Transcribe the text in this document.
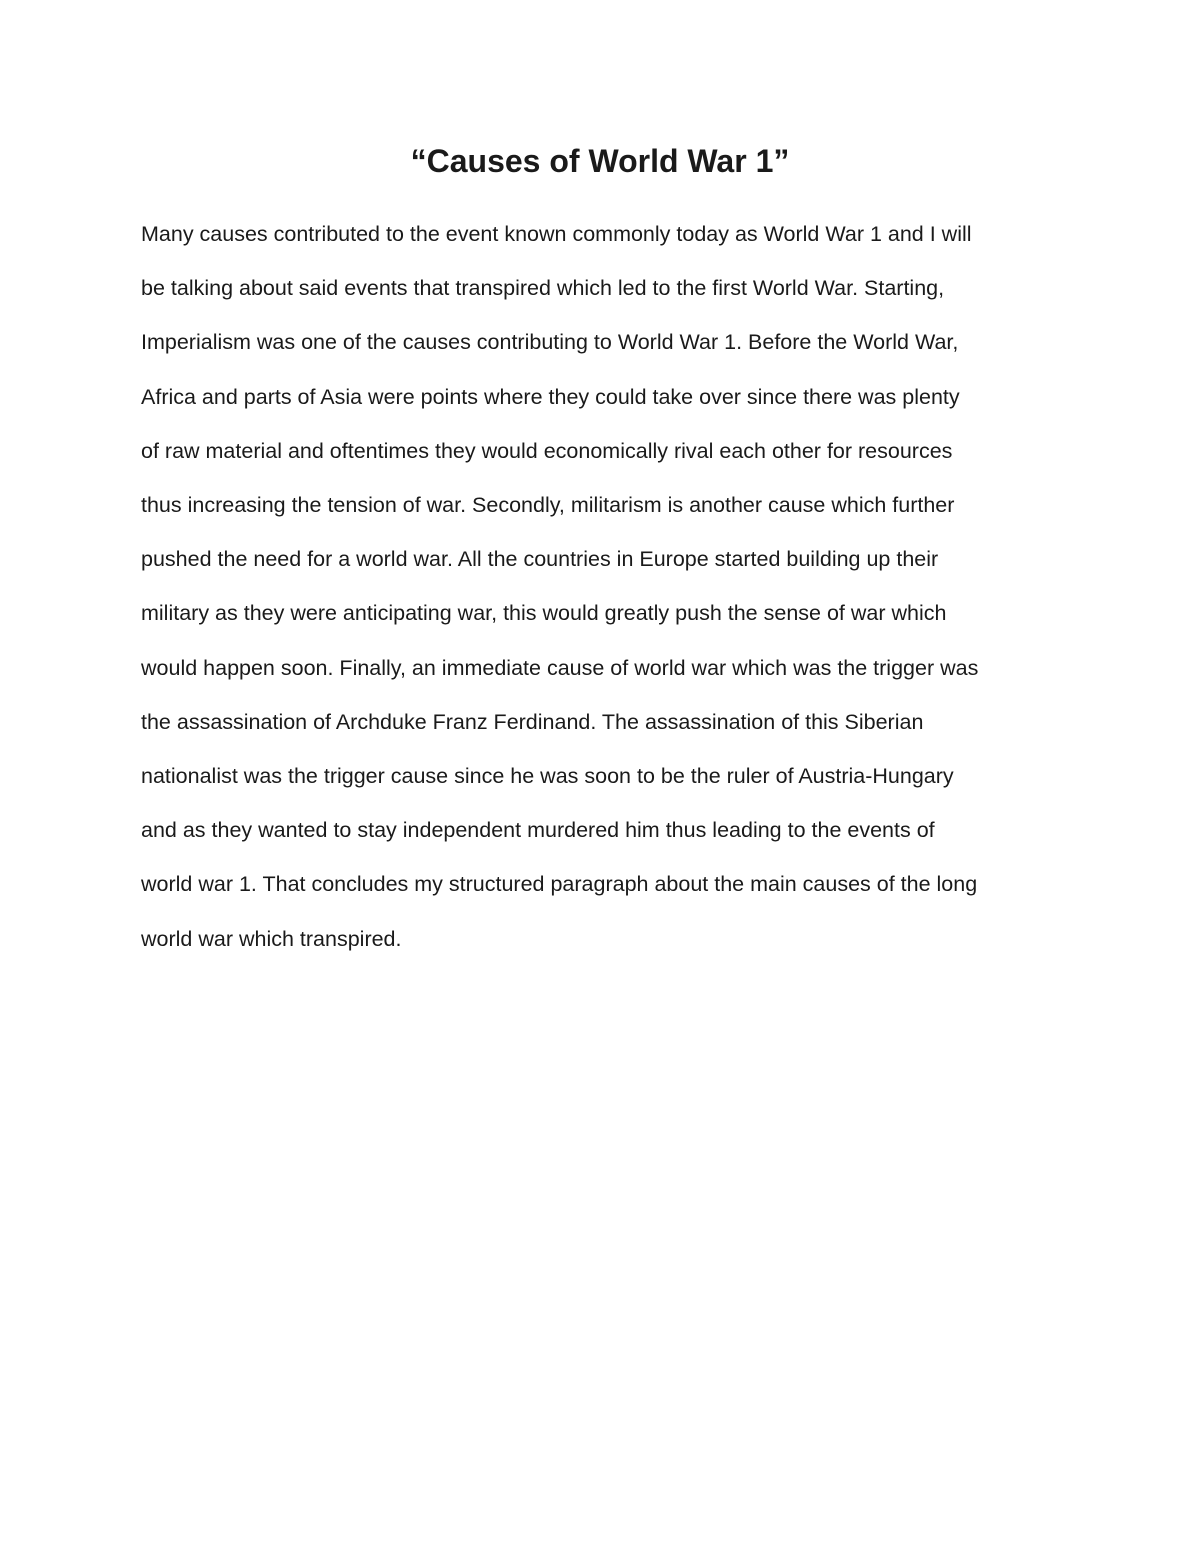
“Causes of World War 1”
Many causes contributed to the event known commonly today as World War 1 and I will
be talking about said events that transpired which led to the first World War. Starting,
Imperialism was one of the causes contributing to World War 1. Before the World War,
Africa and parts of Asia were points where they could take over since there was plenty
of raw material and oftentimes they would economically rival each other for resources
thus increasing the tension of war. Secondly, militarism is another cause which further
pushed the need for a world war. All the countries in Europe started building up their
military as they were anticipating war, this would greatly push the sense of war which
would happen soon. Finally, an immediate cause of world war which was the trigger was
the assassination of Archduke Franz Ferdinand. The assassination of this Siberian
nationalist was the trigger cause since he was soon to be the ruler of Austria-Hungary
and as they wanted to stay independent murdered him thus leading to the events of
world war 1. That concludes my structured paragraph about the main causes of the long
world war which transpired.
